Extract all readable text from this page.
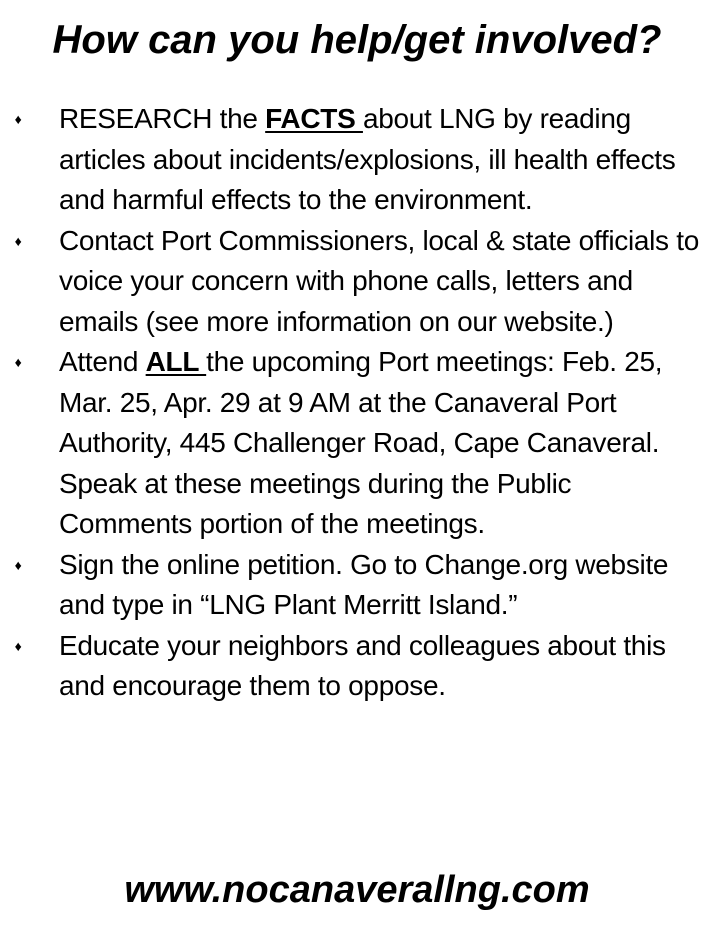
How can you help/get involved?
♦ RESEARCH the FACTS about LNG by reading articles about incidents/explosions, ill health effects and harmful effects to the environment.
♦ Contact Port Commissioners, local & state officials to voice your concern with phone calls, letters and emails (see more information on our website.)
♦ Attend ALL the upcoming Port meetings: Feb. 25, Mar. 25, Apr. 29 at 9 AM at the Canaveral Port Authority, 445 Challenger Road, Cape Canaveral. Speak at these meetings during the Public Comments portion of the meetings.
♦ Sign the online petition. Go to Change.org website and type in “LNG Plant Merritt Island.”
♦ Educate your neighbors and colleagues about this and encourage them to oppose.
www.nocanaverallng.com
